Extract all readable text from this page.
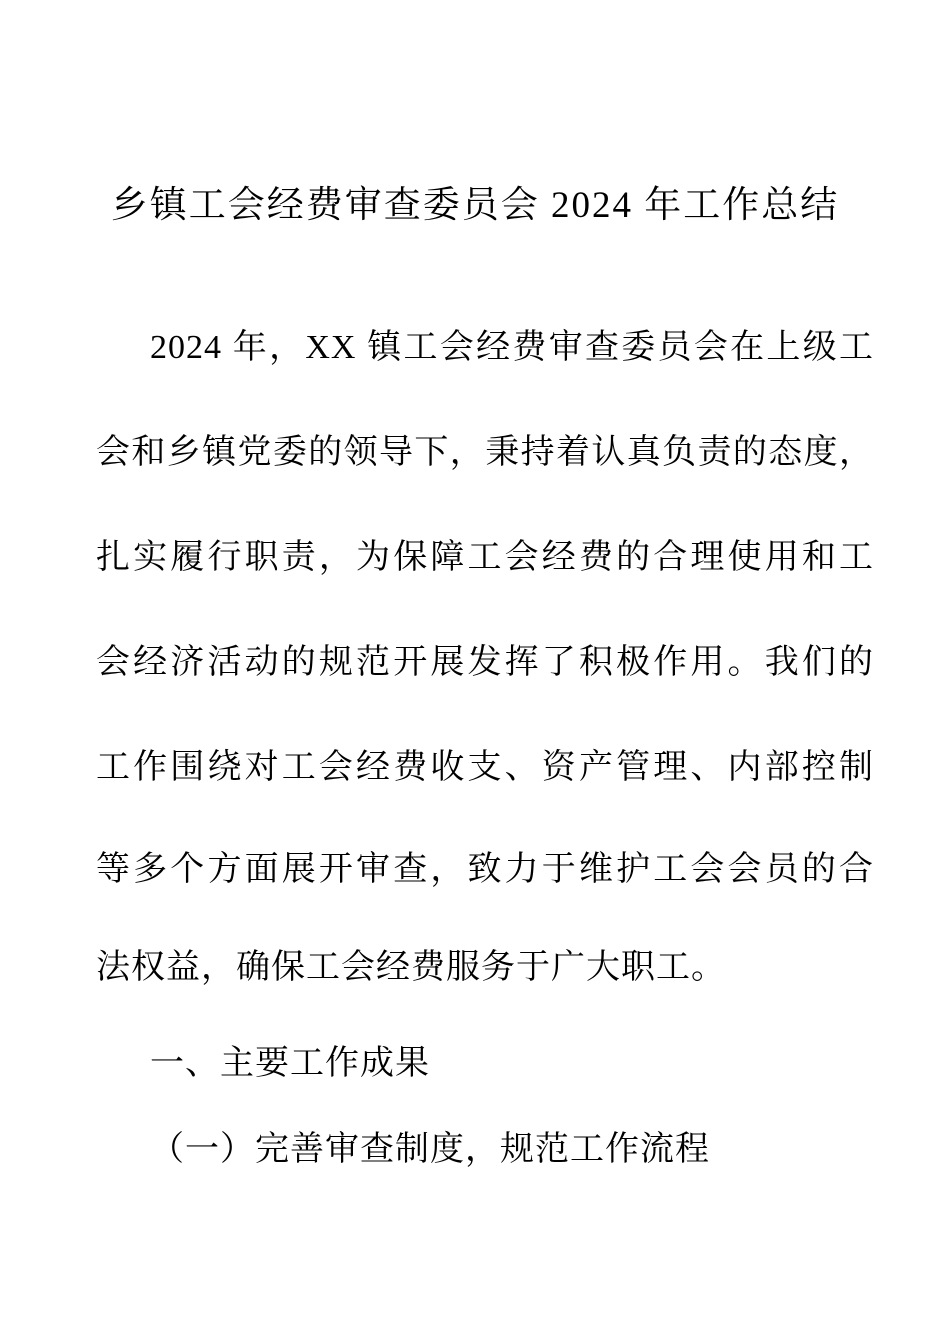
乡镇工会经费审查委员会 2024 年工作总结
2024 年，XX 镇工会经费审查委员会在上级工
会和乡镇党委的领导下，秉持着认真负责的态度，
扎实履行职责，为保障工会经费的合理使用和工
会经济活动的规范开展发挥了积极作用。我们的
工作围绕对工会经费收支、资产管理、内部控制
等多个方面展开审查，致力于维护工会会员的合
法权益，确保工会经费服务于广大职工。
一、主要工作成果
（一）完善审查制度，规范工作流程
